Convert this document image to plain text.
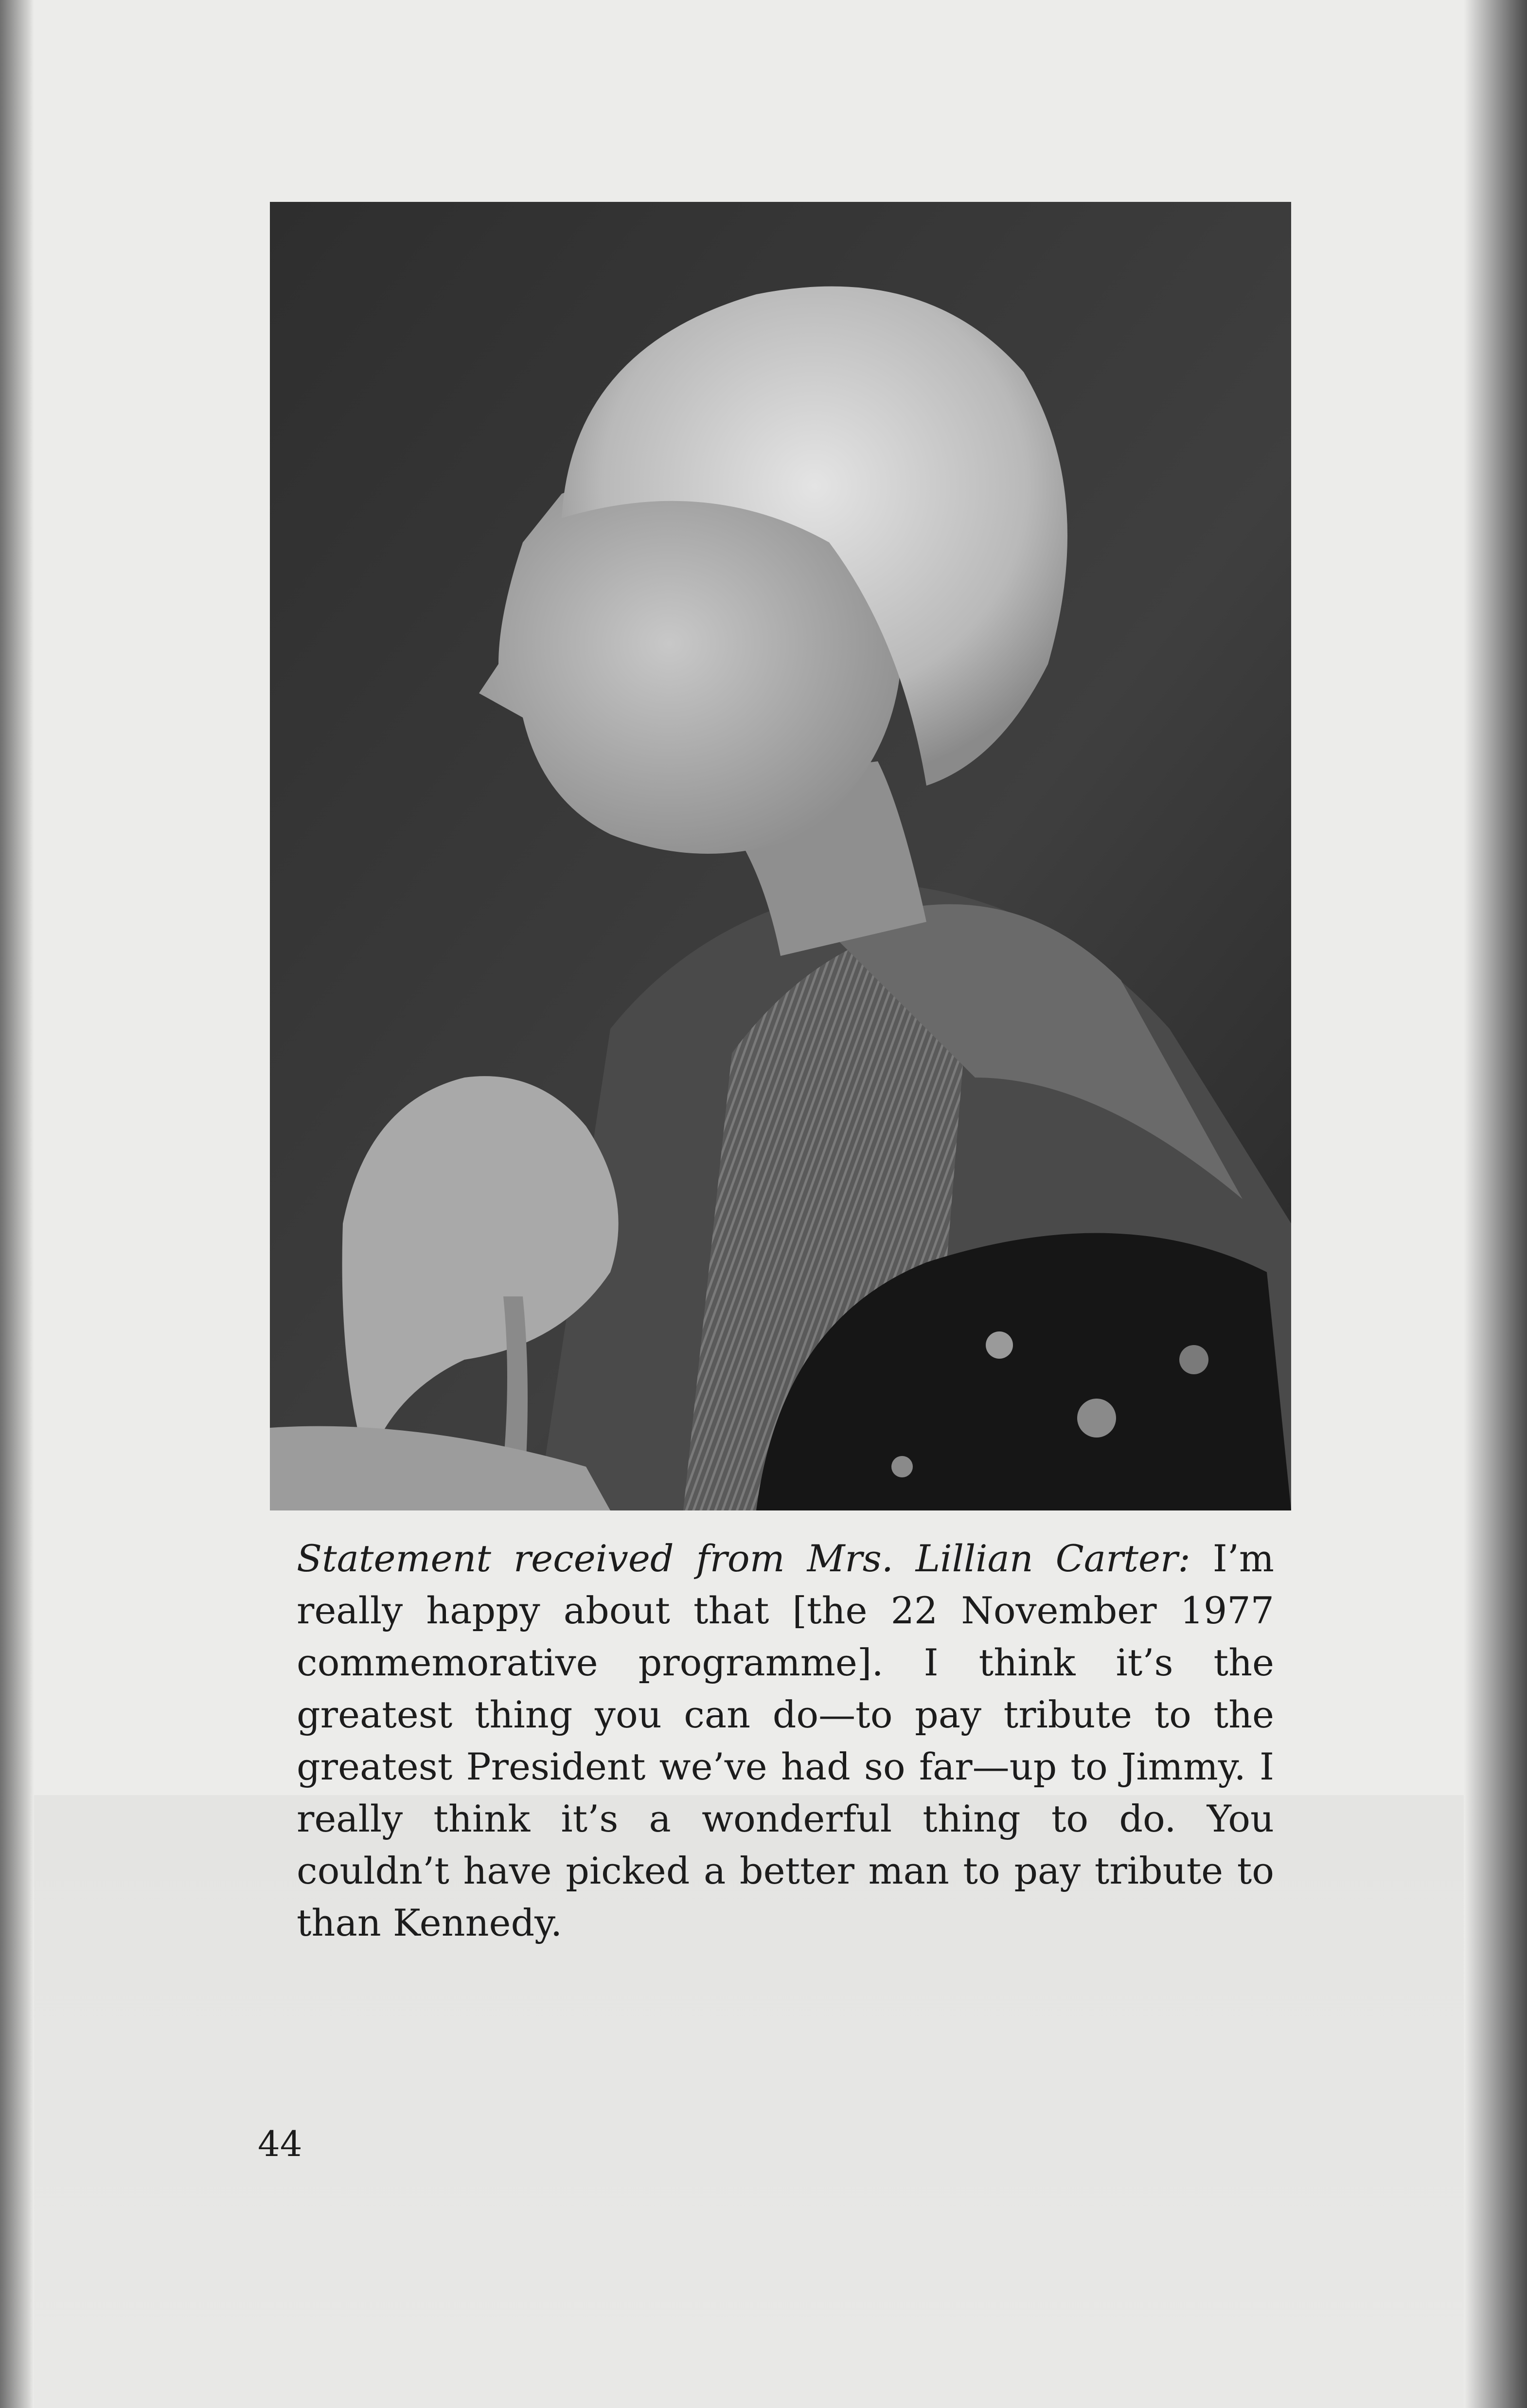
Statement received from Mrs. Lillian Carter: I’m really happy about that [the 22 November 1977 commemorative programme]. I think it’s the greatest thing you can do—to pay tribute to the greatest President we’ve had so far—up to Jimmy. I really think it’s a wonderful thing to do. You couldn’t have picked a better man to pay tribute to than Kennedy.

44
